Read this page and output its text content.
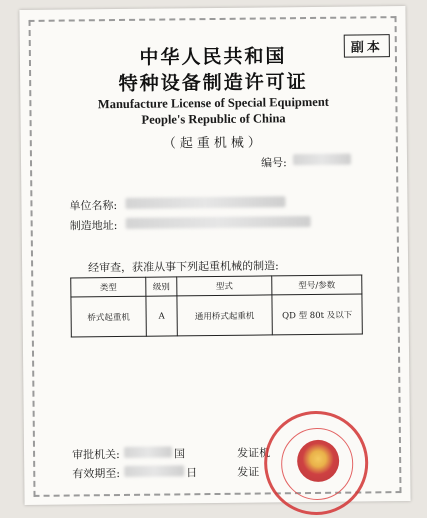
副本
中华人民共和国
特种设备制造许可证
Manufacture License of Special Equipment
People's Republic of China
（起重机械）
编号:
单位名称:
制造地址:
经审查，获准从事下列起重机械的制造:
类型	级别	型式	型号/参数
桥式起重机	A	通用桥式起重机	QD 型 80t 及以下
审批机关:	国
有效期至:	日
发证机
发证
